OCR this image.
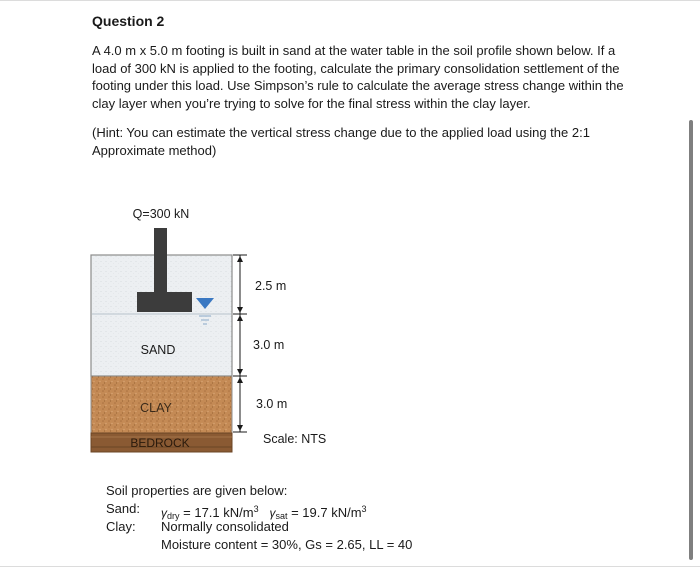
Question 2
A 4.0 m x 5.0 m footing is built in sand at the water table in the soil profile shown below. If a load of 300 kN is applied to the footing, calculate the primary consolidation settlement of the footing under this load. Use Simpson’s rule to calculate the average stress change within the clay layer when you’re trying to solve for the final stress within the clay layer.
(Hint: You can estimate the vertical stress change due to the applied load using the 2:1 Approximate method)
Q=300 kN
SAND
CLAY
BEDROCK
2.5 m
3.0 m
3.0 m
Scale: NTS
Soil properties are given below:
Sand: $\gamma_{dry} = 17.1$ $kN/m^3$ $\gamma_{sat} = 19.7$ $kN/m^3$
Clay: Normally consolidated
Moisture content = 30%, Gs = 2.65, LL = 40
